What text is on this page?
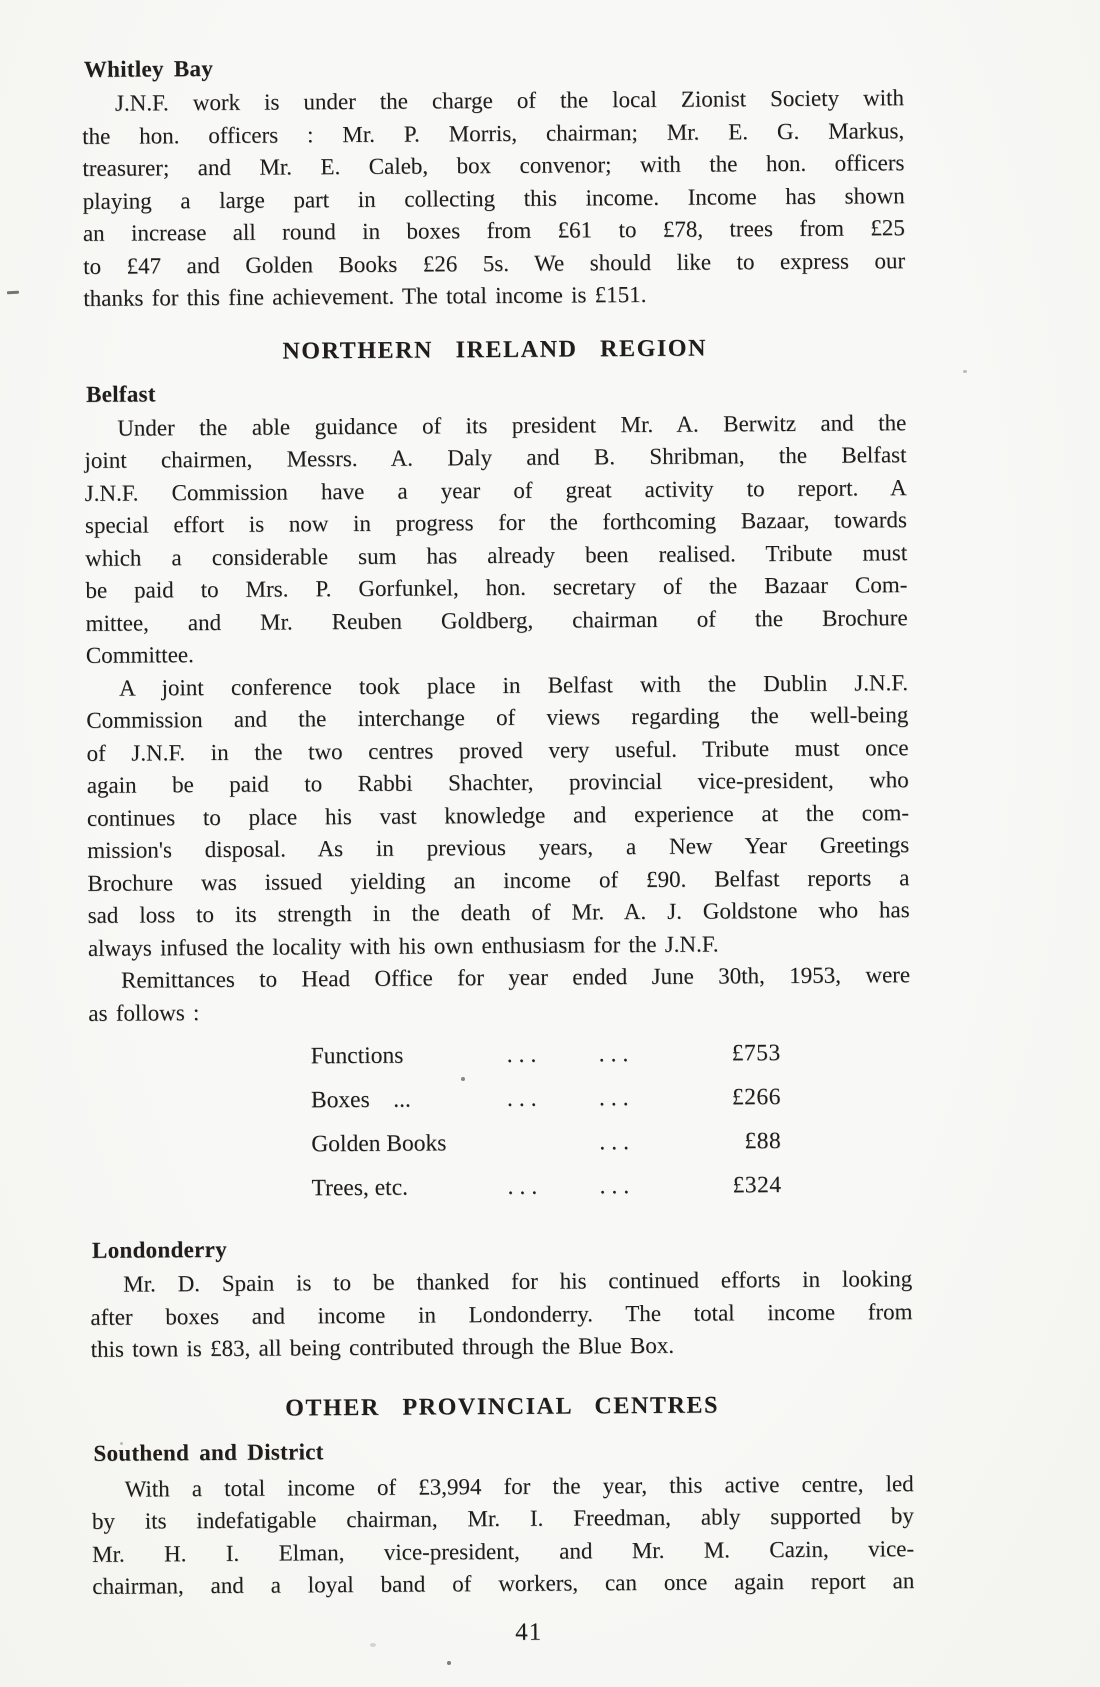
Whitley Bay
J.N.F. work is under the charge of the local Zionist Society with
the hon. officers : Mr. P. Morris, chairman; Mr. E. G. Markus,
treasurer; and Mr. E. Caleb, box convenor; with the hon. officers
playing a large part in collecting this income. Income has shown
an increase all round in boxes from £61 to £78, trees from £25
to £47 and Golden Books £26 5s. We should like to express our
thanks for this fine achievement. The total income is £151.
NORTHERN IRELAND REGION
Belfast
Under the able guidance of its president Mr. A. Berwitz and the
joint chairmen, Messrs. A. Daly and B. Shribman, the Belfast
J.N.F. Commission have a year of great activity to report. A
special effort is now in progress for the forthcoming Bazaar, towards
which a considerable sum has already been realised. Tribute must
be paid to Mrs. P. Gorfunkel, hon. secretary of the Bazaar Com-
mittee, and Mr. Reuben Goldberg, chairman of the Brochure
Committee.
A joint conference took place in Belfast with the Dublin J.N.F.
Commission and the interchange of views regarding the well-being
of J.N.F. in the two centres proved very useful. Tribute must once
again be paid to Rabbi Shachter, provincial vice-president, who
continues to place his vast knowledge and experience at the com-
mission's disposal. As in previous years, a New Year Greetings
Brochure was issued yielding an income of £90. Belfast reports a
sad loss to its strength in the death of Mr. A. J. Goldstone who has
always infused the locality with his own enthusiasm for the J.N.F.
Remittances to Head Office for year ended June 30th, 1953, were
as follows :
Functions	...	...	£753
Boxes ...	...	...	£266
Golden Books	...	£88
Trees, etc.	...	...	£324
Londonderry
Mr. D. Spain is to be thanked for his continued efforts in looking
after boxes and income in Londonderry. The total income from
this town is £83, all being contributed through the Blue Box.
OTHER PROVINCIAL CENTRES
Southend and District
With a total income of £3,994 for the year, this active centre, led
by its indefatigable chairman, Mr. I. Freedman, ably supported by
Mr. H. I. Elman, vice-president, and Mr. M. Cazin, vice-
chairman, and a loyal band of workers, can once again report an
41
